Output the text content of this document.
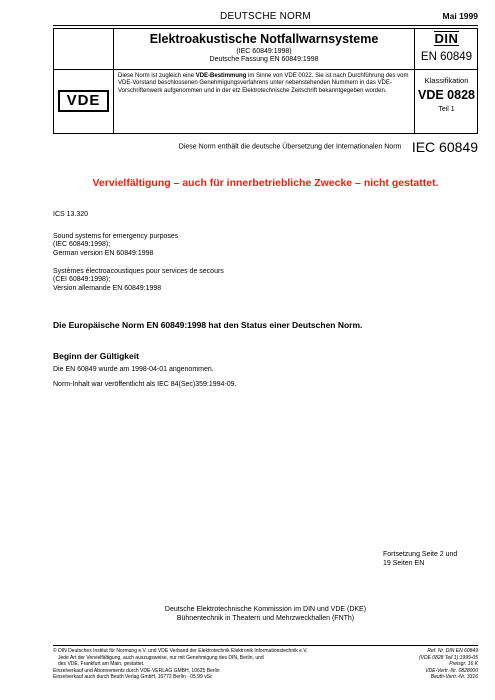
DEUTSCHE NORM	Mai 1999
Elektroakustische Notfallwarnsysteme
(IEC 60849:1998)
Deutsche Fassung EN 60849:1998
DIN
EN 60849
VDE
Diese Norm ist zugleich eine VDE-Bestimmung im Sinne von VDE 0022. Sie ist nach Durchführung des vom VDE-Vorstand beschlossenen Genehmigungsverfahrens unter nebenstehenden Nummern in das VDE-Vorschriftenwerk aufgenommen und in der etz Elektrotechnische Zeitschrift bekanntgegeben worden.
Klassifikation
VDE 0828
Teil 1
Diese Norm enthält die deutsche Übersetzung der Internationalen Norm IEC 60849
Vervielfältigung – auch für innerbetriebliche Zwecke – nicht gestattet.
ICS 13.320
Sound systems for emergency purposes
(IEC 60849:1998);
German version EN 60849:1998
Systèmes électroacoustiques pour services de secours
(CEI 60849:1998);
Version allemande EN 60849:1998
Die Europäische Norm EN 60849:1998 hat den Status einer Deutschen Norm.
Beginn der Gültigkeit
Die EN 60849 wurde am 1998-04-01 angenommen.
Norm-Inhalt war veröffentlicht als IEC 84(Sec)359:1994-09.
Fortsetzung Seite 2 und
19 Seiten EN
Deutsche Elektrotechnische Kommission im DIN und VDE (DKE)
Bühnentechnik in Theatern und Mehrzweckhallen (FNTh)
© DIN Deutsches Institut für Normung e.V. und VDE Verband der Elektrotechnik Elektronik Informationstechnik e.V.
Jede Art der Vervielfältigung, auch auszugsweise, nur mit Genehmigung des DIN, Berlin, und
des VDE, Frankfurt am Main, gestattet.
Einzelverkauf und Abonnements durch VDE-VERLAG GMBH, 10625 Berlin
Einzelverkauf auch durch Beuth Verlag GmbH, 10772 Berlin · 05.99 vSc
Ref. Nr. DIN EN 60849
(VDE 0828 Teil 1):1999-05
Preisgr. 16 K
VDE-Vertr.-Nr. 0828000
Beuth-Vertr.-Nr. 3316
